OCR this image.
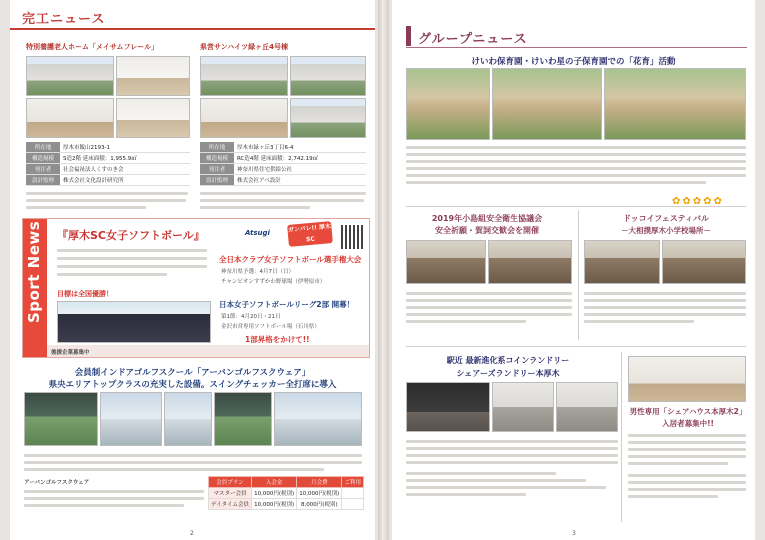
完工ニュース
特別養護老人ホーム「メイサムフレール」
所在地	厚木市飯山2193-1
構造規模	S造2階 延床面積：1,955.9㎡
発注者	社会福祉法人くすのき会
設計監理	株式会社文化設計研究所
県営サンハイツ緑ヶ丘4号棟
所在地	厚木市緑ヶ丘3丁目6-4
構造規模	RC造4階 延床面積：2,742.19㎡
発注者	神奈川県住宅供給公社
設計監理	株式会社アベ設計
Sport News 『厚木SC女子ソフトボール』	Atsugi	ガンバレ!! 厚木SC
目標は全国優勝！
全日本クラブ女子ソフトボール選手権大会
神奈川県予選：4月7日（日）
チャンピオンすずかわ野球場（伊勢原市）
日本女子ソフトボールリーグ2部 開幕！
第1節：4月20日・21日
金沢市営専用ソフトボール場（石川県）
1部昇格をかけて!!
後援企業募集中
会員制インドアゴルフスクール「アーバンゴルフスクウェア」
県央エリアトップクラスの充実した設備。スイングチェッカー全打席に導入
アーバンゴルフスクウェア	会員プラン	入会金	月会費	ご利用
マスター会員	10,000円(税別)	10,000円(税別)	
デイタイム会員	10,000円(税別)	8,000円(税別)	
2
グループニュース
けいわ保育園・けいわ星の子保育園での「花育」活動
✿✿✿✿✿
2019年小島組安全衛生協議会
安全祈願・賀詞交歓会を開催
ドッコイフェスティバル
－大相撲厚木小学校場所－
駅近 最新進化系コインランドリー
シェアーズランドリー本厚木
男性専用「シェアハウス本厚木2」
入居者募集中!!
3
